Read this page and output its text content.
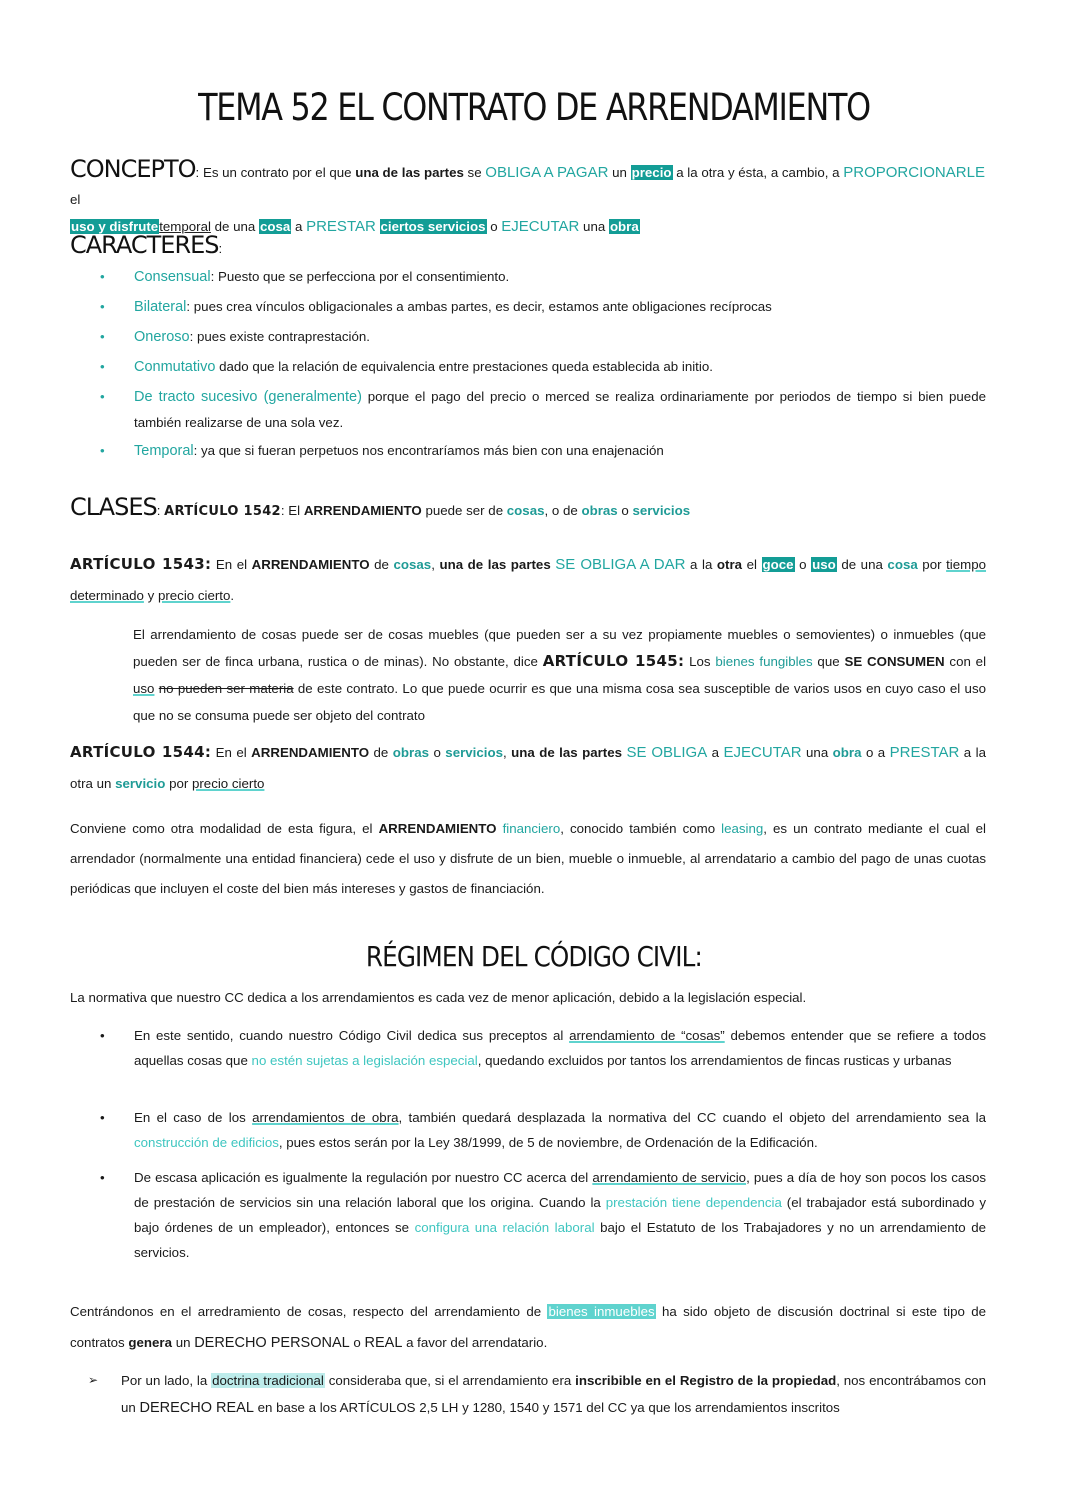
TEMA 52 EL CONTRATO DE ARRENDAMIENTO
CONCEPTO: Es un contrato por el que una de las partes se OBLIGA A PAGAR un precio a la otra y ésta, a cambio, a PROPORCIONARLE el
uso y disfrutetemporal de una cosa a PRESTAR ciertos servicios o EJECUTAR una obra
CARACTERES:
• Consensual: Puesto que se perfecciona por el consentimiento.
• Bilateral: pues crea vínculos obligacionales a ambas partes, es decir, estamos ante obligaciones recíprocas
• Oneroso: pues existe contraprestación.
• Conmutativo dado que la relación de equivalencia entre prestaciones queda establecida ab initio.
• De tracto sucesivo (generalmente) porque el pago del precio o merced se realiza ordinariamente por periodos de tiempo si bien puede también realizarse de una sola vez.
• Temporal: ya que si fueran perpetuos nos encontraríamos más bien con una enajenación
CLASES: ARTÍCULO 1542: El ARRENDAMIENTO puede ser de cosas, o de obras o servicios
ARTÍCULO 1543: En el ARRENDAMIENTO de cosas, una de las partes SE OBLIGA A DAR a la otra el goce o uso de una cosa por tiempo determinado y precio cierto.
El arrendamiento de cosas puede ser de cosas muebles (que pueden ser a su vez propiamente muebles o semovientes) o inmuebles (que pueden ser de finca urbana, rustica o de minas). No obstante, dice ARTÍCULO 1545: Los bienes fungibles que SE CONSUMEN con el uso no pueden ser materia de este contrato. Lo que puede ocurrir es que una misma cosa sea susceptible de varios usos en cuyo caso el uso que no se consuma puede ser objeto del contrato
ARTÍCULO 1544: En el ARRENDAMIENTO de obras o servicios, una de las partes SE OBLIGA a EJECUTAR una obra o a PRESTAR a la otra un servicio por precio cierto
Conviene como otra modalidad de esta figura, el ARRENDAMIENTO financiero, conocido también como leasing, es un contrato mediante el cual el arrendador (normalmente una entidad financiera) cede el uso y disfrute de un bien, mueble o inmueble, al arrendatario a cambio del pago de unas cuotas periódicas que incluyen el coste del bien más intereses y gastos de financiación.
RÉGIMEN DEL CÓDIGO CIVIL:
La normativa que nuestro CC dedica a los arrendamientos es cada vez de menor aplicación, debido a la legislación especial.
• En este sentido, cuando nuestro Código Civil dedica sus preceptos al arrendamiento de “cosas” debemos entender que se refiere a todos aquellas cosas que no estén sujetas a legislación especial, quedando excluidos por tantos los arrendamientos de fincas rusticas y urbanas
• En el caso de los arrendamientos de obra, también quedará desplazada la normativa del CC cuando el objeto del arrendamiento sea la construcción de edificios, pues estos serán por la Ley 38/1999, de 5 de noviembre, de Ordenación de la Edificación.
• De escasa aplicación es igualmente la regulación por nuestro CC acerca del arrendamiento de servicio, pues a día de hoy son pocos los casos de prestación de servicios sin una relación laboral que los origina. Cuando la prestación tiene dependencia (el trabajador está subordinado y bajo órdenes de un empleador), entonces se configura una relación laboral bajo el Estatuto de los Trabajadores y no un arrendamiento de servicios.
Centrándonos en el arredramiento de cosas, respecto del arrendamiento de bienes inmuebles ha sido objeto de discusión doctrinal si este tipo de contratos genera un DERECHO PERSONAL o REAL a favor del arrendatario.
➢ Por un lado, la doctrina tradicional consideraba que, si el arrendamiento era inscribible en el Registro de la propiedad, nos encontrábamos con un DERECHO REAL en base a los ARTÍCULOS 2,5 LH y 1280, 1540 y 1571 del CC ya que los arrendamientos inscritos
